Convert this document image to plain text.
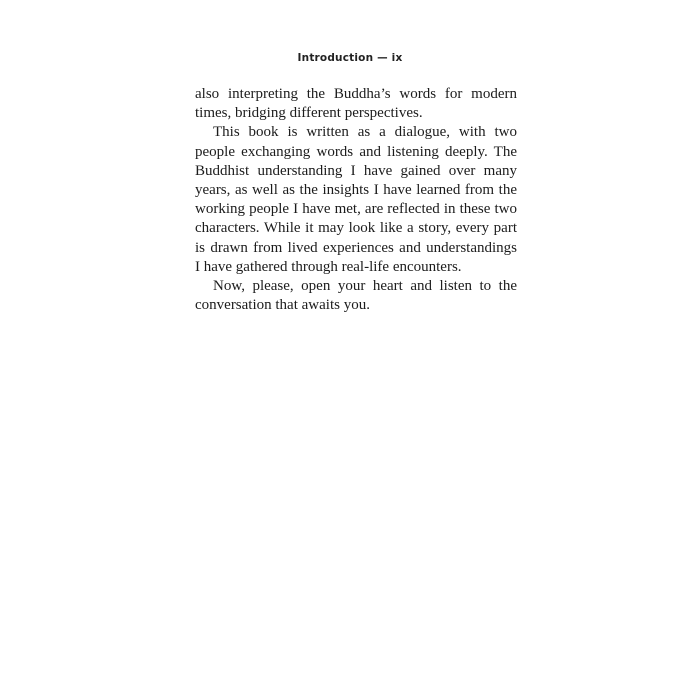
Introduction — ix

also interpreting the Buddha’s words for modern
times, bridging different perspectives.

This book is written as a dialogue, with two
people exchanging words and listening deeply. The
Buddhist understanding I have gained over many
years, as well as the insights I have learned from the
working people I have met, are reflected in these two
characters. While it may look like a story, every part
is drawn from lived experiences and understandings
I have gathered through real-life encounters.

Now, please, open your heart and listen to the
conversation that awaits you.
